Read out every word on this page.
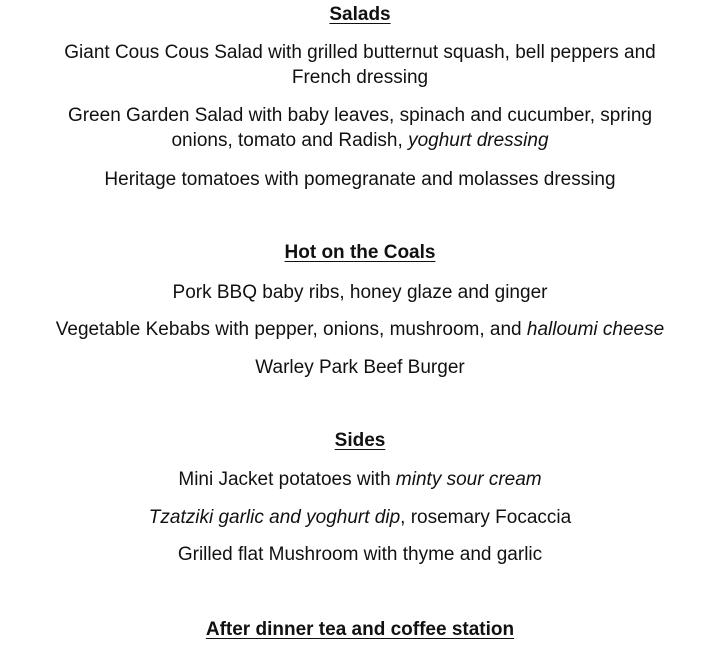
Salads
Giant Cous Cous Salad with grilled butternut squash, bell peppers and
French dressing
Green Garden Salad with baby leaves, spinach and cucumber, spring
onions, tomato and Radish, yoghurt dressing
Heritage tomatoes with pomegranate and molasses dressing
Hot on the Coals
Pork BBQ baby ribs, honey glaze and ginger
Vegetable Kebabs with pepper, onions, mushroom, and halloumi cheese
Warley Park Beef Burger
Sides
Mini Jacket potatoes with minty sour cream
Tzatziki garlic and yoghurt dip, rosemary Focaccia
Grilled flat Mushroom with thyme and garlic
After dinner tea and coffee station
